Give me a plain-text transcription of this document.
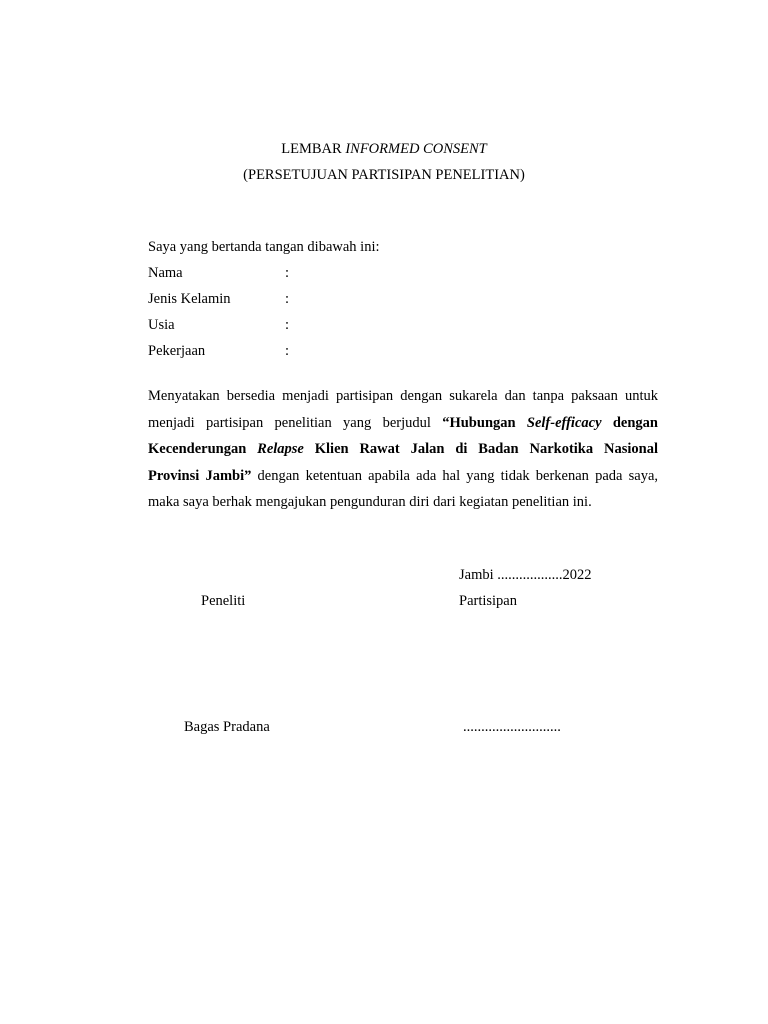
LEMBAR INFORMED CONSENT
(PERSETUJUAN PARTISIPAN PENELITIAN)
Saya yang bertanda tangan dibawah ini:
Nama	:
Jenis Kelamin	:
Usia	:
Pekerjaan	:
Menyatakan bersedia menjadi partisipan dengan sukarela dan tanpa paksaan untuk
menjadi partisipan penelitian yang berjudul “Hubungan Self-efficacy dengan
Kecenderungan Relapse Klien Rawat Jalan di Badan Narkotika Nasional
Provinsi Jambi” dengan ketentuan apabila ada hal yang tidak berkenan pada saya,
maka saya berhak mengajukan pengunduran diri dari kegiatan penelitian ini.
Jambi ..................2022
Peneliti	Partisipan
Bagas Pradana	...........................
